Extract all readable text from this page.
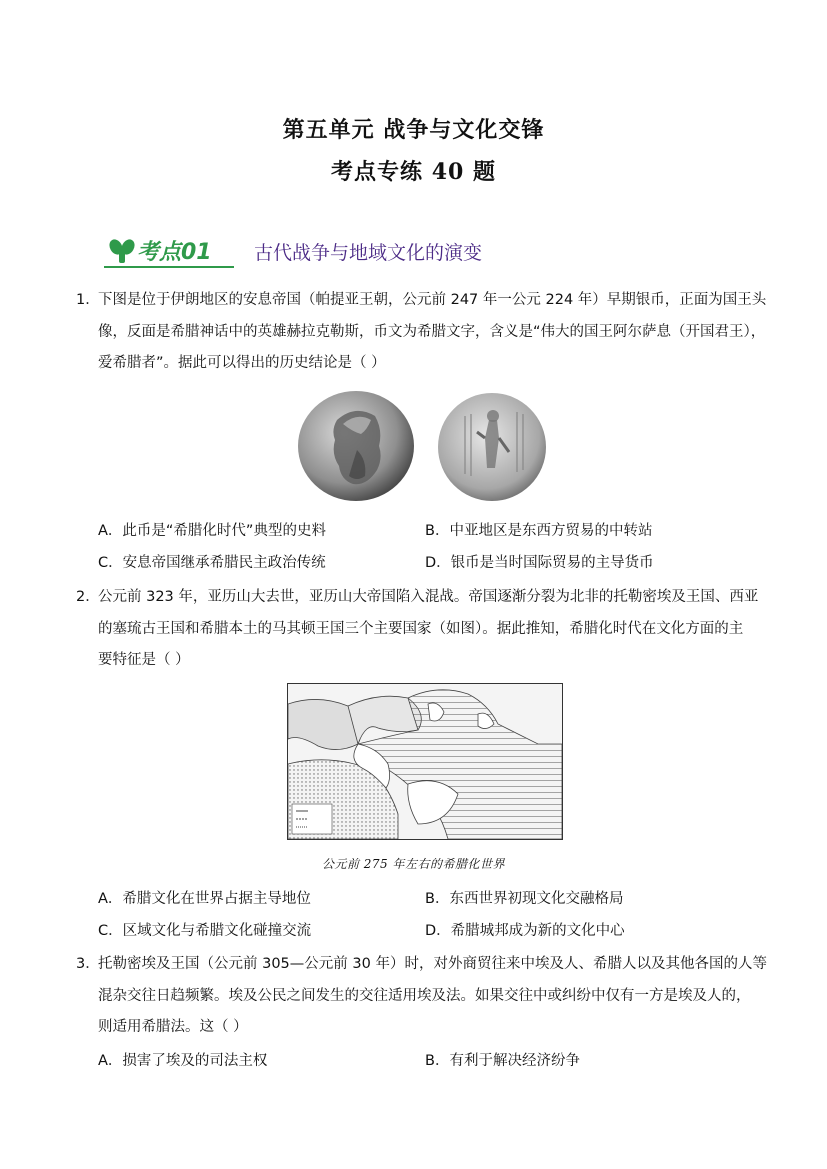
第五单元 战争与文化交锋
考点专练 40 题
考点01 古代战争与地域文化的演变
1．
下图是位于伊朗地区的安息帝国（帕提亚王朝，公元前 247 年一公元 224 年）早期银币，正面为国王头
像，反面是希腊神话中的英雄赫拉克勒斯，币文为希腊文字，含义是“伟大的国王阿尔萨息（开国君王），
爱希腊者”。据此可以得出的历史结论是（ ）
A．此币是“希腊化时代”典型的史料	B．中亚地区是东西方贸易的中转站
C．安息帝国继承希腊民主政治传统	D．银币是当时国际贸易的主导货币
2．
公元前 323 年，亚历山大去世，亚历山大帝国陷入混战。帝国逐渐分裂为北非的托勒密埃及王国、西亚
的塞琉古王国和希腊本土的马其顿王国三个主要国家（如图）。据此推知，希腊化时代在文化方面的主
要特征是（ ）
公元前 275 年左右的希腊化世界
A．希腊文化在世界占据主导地位	B．东西世界初现文化交融格局
C．区域文化与希腊文化碰撞交流	D．希腊城邦成为新的文化中心
3．
托勒密埃及王国（公元前 305—公元前 30 年）时，对外商贸往来中埃及人、希腊人以及其他各国的人等
混杂交往日趋频繁。埃及公民之间发生的交往适用埃及法。如果交往中或纠纷中仅有一方是埃及人的，
则适用希腊法。这（ ）
A．损害了埃及的司法主权	B．有利于解决经济纷争
